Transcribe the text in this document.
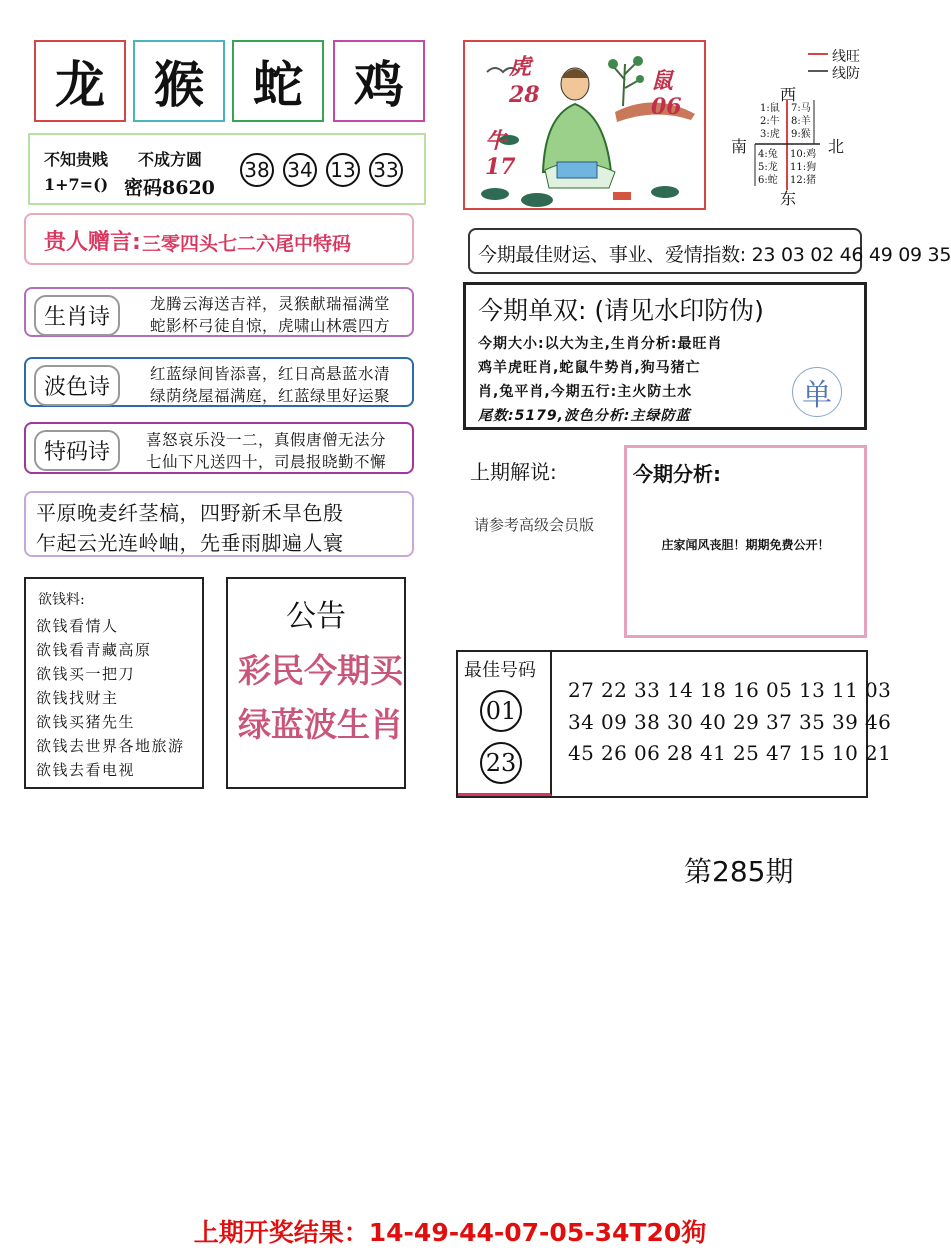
龙 猴 蛇 鸡
不知贵贱 不成方圆
1+7=() 密码8620
38 34 13 33
贵人赠言: 三零四头七二六尾中特码
生肖诗
龙腾云海送吉祥，灵猴献瑞福满堂
蛇影杯弓徒自惊，虎啸山林震四方
波色诗
红蓝绿间皆添喜，红日高悬蓝水清
绿荫绕屋福满庭，红蓝绿里好运聚
特码诗	喜怒哀乐没一二，真假唐僧无法分
七仙下凡送四十，司晨报晓勤不懈
平原晚麦纤茎槁，四野新禾旱色殷
乍起云光连岭岫，先垂雨脚遍人寰
欲钱料:
欲钱看情人
欲钱看青藏高原
欲钱买一把刀
欲钱找财主
欲钱买猪先生
欲钱去世界各地旅游
欲钱去看电视
公告
彩民今期买
绿蓝波生肖
虎
28
牛
17
鼠
06
线旺
线防
西
南	北
东
1:鼠
2:牛
3:虎
7:马
8:羊
9:猴
4:兔
5:龙
6:蛇
10:鸡
11:狗
12:猪
今期最佳财运、事业、爱情指数: 23 03 02 46 49 09 35
今期单双: (请见水印防伪)
今期大小:以大为主,生肖分析:最旺肖
鸡羊虎旺肖,蛇鼠牛势肖,狗马猪亡
肖,兔平肖,今期五行:主火防土水
尾数:5179,波色分析:主绿防蓝
单
上期解说:
请参考高级会员版
今期分析:
庄家闻风丧胆！期期免费公开！
最佳号码
01
23
27 22 33 14 18 16 05 13 11 03
34 09 38 30 40 29 37 35 39 46
45 26 06 28 41 25 47 15 10 21
第285期
上期开奖结果：14-49-44-07-05-34T20狗
